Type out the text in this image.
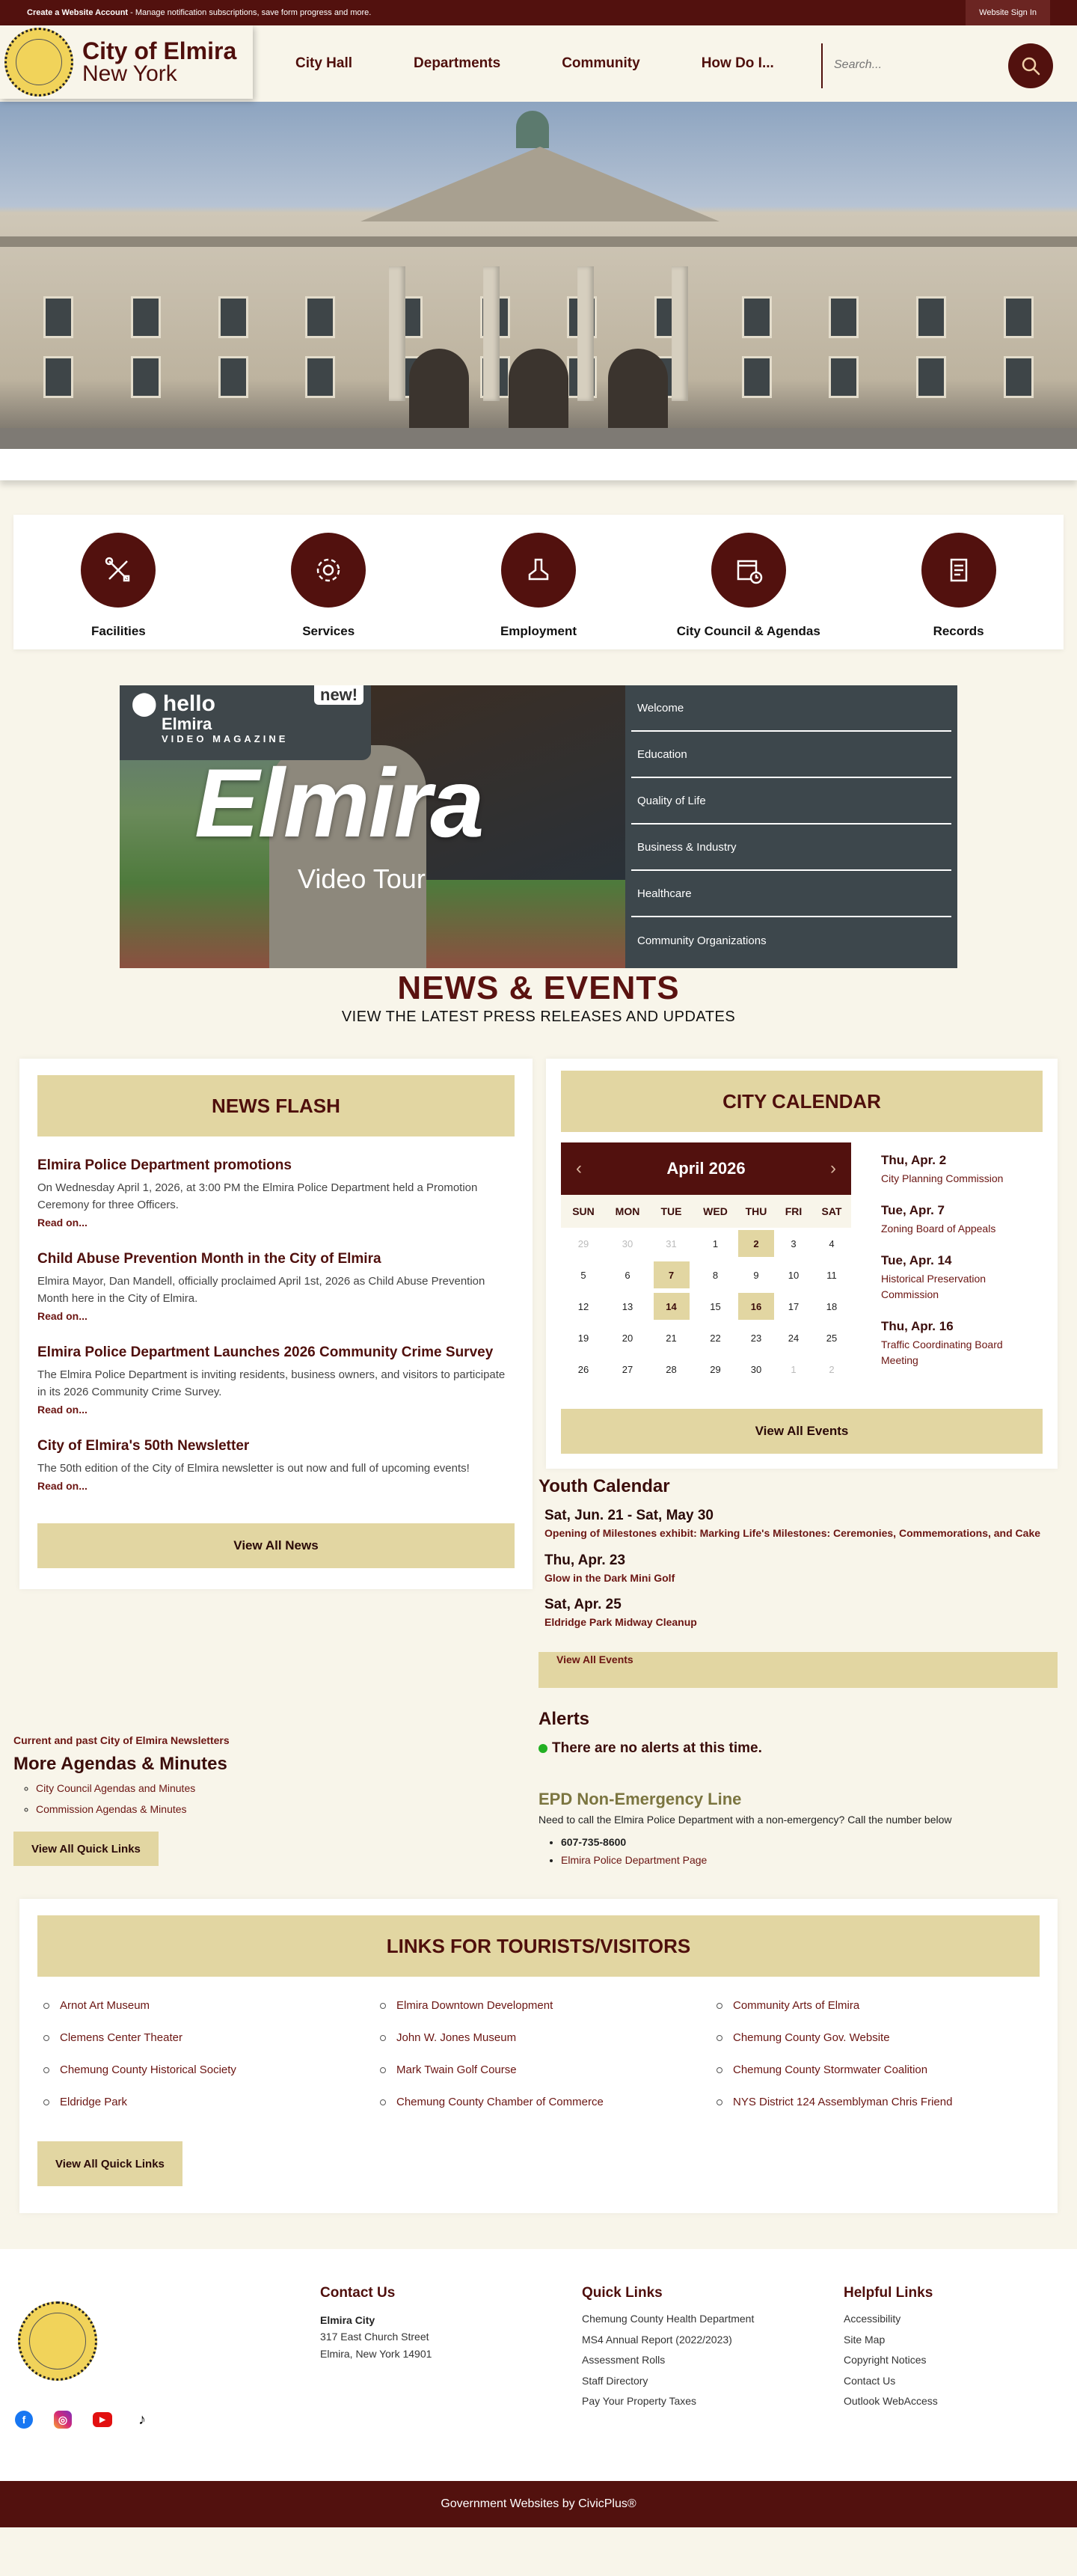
Create a Website Account - Manage notification subscriptions, save form progress and more.	Website Sign In
City of Elmira
New York	City Hall	Departments	Community	How Do I...
Search...
Facilities	Services	Employment	City Council & Agendas	Records
⬤ hello
Elmira
VIDEO MAGAZINE
new!
Elmira
Video Tour
Welcome
Education
Quality of Life
Business & Industry
Healthcare
Community Organizations
NEWS & EVENTS

VIEW THE LATEST PRESS RELEASES AND UPDATES

NEWS FLASH
Elmira Police Department promotions

On Wednesday April 1, 2026, at 3:00 PM the Elmira Police Department held a Promotion Ceremony for three Officers.

Read on...
Child Abuse Prevention Month in the City of Elmira

Elmira Mayor, Dan Mandell, officially proclaimed April 1st, 2026 as Child Abuse Prevention Month here in the City of Elmira.

Read on...
Elmira Police Department Launches 2026 Community Crime Survey

The Elmira Police Department is inviting residents, business owners, and visitors to participate in its 2026 Community Crime Survey.

Read on...
City of Elmira's 50th Newsletter

The 50th edition of the City of Elmira newsletter is out now and full of upcoming events!

Read on...
View All News
CITY CALENDAR
‹	April 2026	›
SUN	MON	TUE	WED	THU	FRI	SAT
29	30	31	1	2	3	4
5	6	7	8	9	10	11
12	13	14	15	16	17	18
19	20	21	22	23	24	25
26	27	28	29	30	1	2
Thu, Apr. 2
City Planning Commission
Tue, Apr. 7
Zoning Board of Appeals
Tue, Apr. 14
Historical Preservation Commission
Thu, Apr. 16
Traffic Coordinating Board Meeting
View All Events
Youth Calendar
Sat, Jun. 21 - Sat, May 30
Opening of Milestones exhibit: Marking Life's Milestones: Ceremonies, Commemorations, and Cake
Thu, Apr. 23
Glow in the Dark Mini Golf
Sat, Apr. 25
Eldridge Park Midway Cleanup
View All Events
Alerts
There are no alerts at this time.
EPD Non-Emergency Line

Need to call the Elmira Police Department with a non-emergency? Call the number below

• 607-735-8600
• Elmira Police Department Page
Current and past City of Elmira Newsletters
More Agendas & Minutes
◦ City Council Agendas and Minutes
◦ Commission Agendas & Minutes
View All Quick Links
LINKS FOR TOURISTS/VISITORS
Arnot Art Museum	Elmira Downtown Development	Community Arts of Elmira
Clemens Center Theater	John W. Jones Museum	Chemung County Gov. Website
Chemung County Historical Society	Mark Twain Golf Course	Chemung County Stormwater Coalition
Eldridge Park	Chemung County Chamber of Commerce	NYS District 124 Assemblyman Chris Friend
View All Quick Links
f	◎	▶	♪
Contact Us
Elmira City
317 East Church Street
Elmira, New York 14901
Quick Links
Chemung County Health Department
MS4 Annual Report (2022/2023)
Assessment Rolls
Staff Directory
Pay Your Property Taxes
Helpful Links
Accessibility
Site Map
Copyright Notices
Contact Us
Outlook WebAccess
Government Websites by CivicPlus®
